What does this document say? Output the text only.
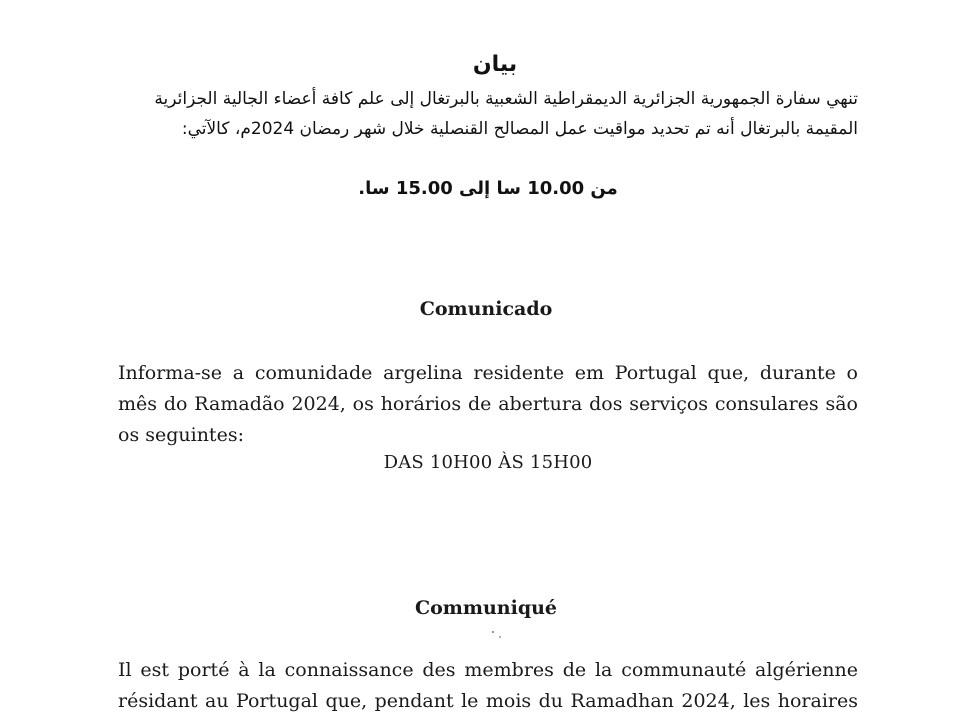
بيان
تنهي سفارة الجمهورية الجزائرية الديمقراطية الشعبية بالبرتغال إلى علم كافة أعضاء الجالية الجزائرية
المقيمة بالبرتغال أنه تم تحديد مواقيت عمل المصالح القنصلية خلال شهر رمضان 2024م، كالآتي:
من 10.00 سا إلى 15.00 سا.
Comunicado
Informa-se a comunidade argelina residente em Portugal que, durante o
mês do Ramadão 2024, os horários de abertura dos serviços consulares são
os seguintes:
DAS 10H00 ÀS 15H00
Communiqué
Il est porté à la connaissance des membres de la communauté algérienne
résidant au Portugal que, pendant le mois du Ramadhan 2024, les horaires
